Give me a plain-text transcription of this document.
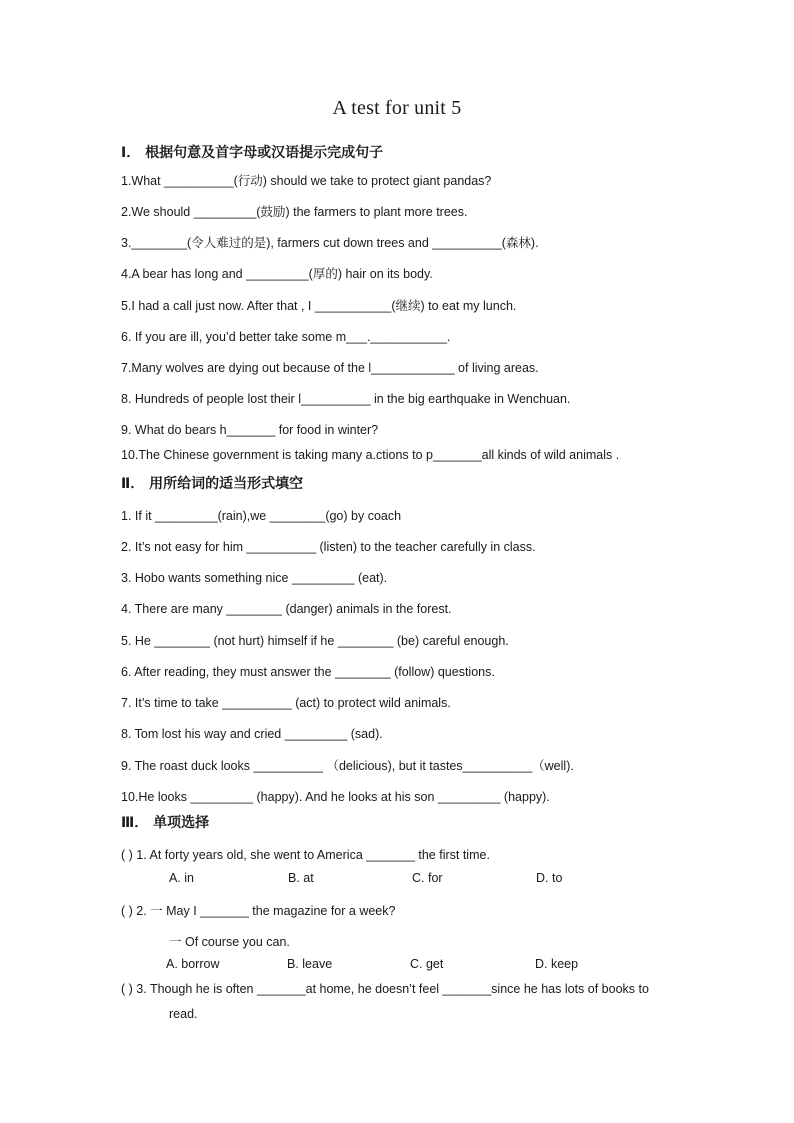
A test for unit 5
Ⅰ． 根据句意及首字母或汉语提示完成句子
1.What __________(行动) should we take to protect giant pandas?
2.We should _________(鼓励) the farmers to plant more trees.
3.________(令人难过的是), farmers cut down trees and __________(森林).
4.A bear has long and _________(厚的) hair on its body.
5.I had a call just now. After that , I ___________(继续) to eat my lunch.
6. If you are ill, you’d better take some m___.___________.
7.Many wolves are dying out because of the l____________ of living areas.
8. Hundreds of people lost their l__________ in the big earthquake in Wenchuan.
9. What do bears h_______ for food in winter?
10.The Chinese government is taking many a.ctions to p_______all kinds of wild animals .
Ⅱ． 用所给词的适当形式填空
1. If it _________(rain),we ________(go) by coach
2. It’s not easy for him __________ (listen) to the teacher carefully in class.
3. Hobo wants something nice _________ (eat).
4. There are many ________ (danger) animals in the forest.
5. He ________ (not hurt) himself if he ________ (be) careful enough.
6. After reading, they must answer the ________ (follow) questions.
7. It’s time to take __________ (act) to protect wild animals.
8. Tom lost his way and cried _________ (sad).
9. The roast duck looks __________ （delicious), but it tastes__________（well).
10.He looks _________ (happy). And he looks at his son _________ (happy).
Ⅲ． 单项选择
( ) 1. At forty years old, she went to America _______ the first time.
A. in	B. at	C. for	D. to
( ) 2. 一 May I _______ the magazine for a week?
一 Of course you can.
A. borrow	B. leave	C. get	D. keep
( ) 3. Though he is often _______at home, he doesn’t feel _______since he has lots of books to
read.
